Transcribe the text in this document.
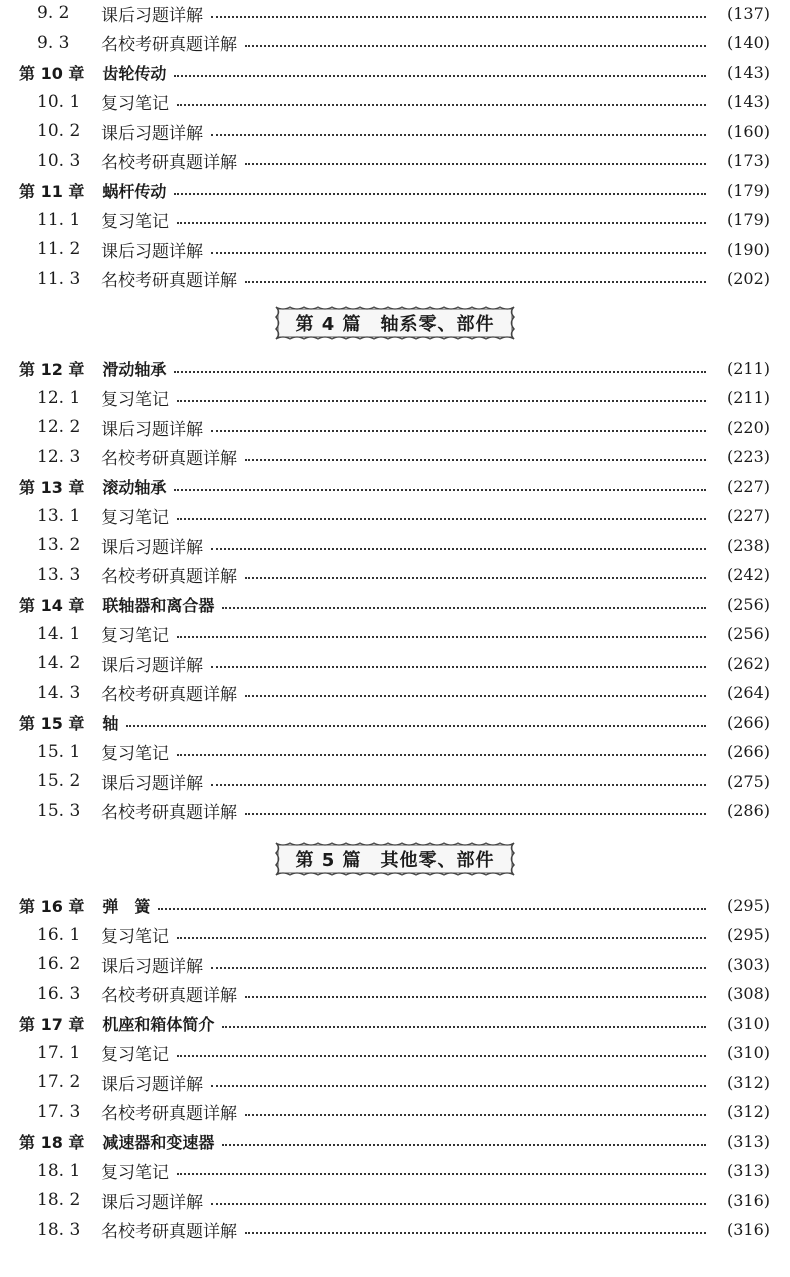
9. 2	课后习题详解	(137)
9. 3	名校考研真题详解	(140)
第 10 章	齿轮传动	(143)
10. 1	复习笔记	(143)
10. 2	课后习题详解	(160)
10. 3	名校考研真题详解	(173)
第 11 章	蜗杆传动	(179)
11. 1	复习笔记	(179)
11. 2	课后习题详解	(190)
11. 3	名校考研真题详解	(202)
第 4 篇　轴系零、部件
第 12 章	滑动轴承	(211)
12. 1	复习笔记	(211)
12. 2	课后习题详解	(220)
12. 3	名校考研真题详解	(223)
第 13 章	滚动轴承	(227)
13. 1	复习笔记	(227)
13. 2	课后习题详解	(238)
13. 3	名校考研真题详解	(242)
第 14 章	联轴器和离合器	(256)
14. 1	复习笔记	(256)
14. 2	课后习题详解	(262)
14. 3	名校考研真题详解	(264)
第 15 章	轴	(266)
15. 1	复习笔记	(266)
15. 2	课后习题详解	(275)
15. 3	名校考研真题详解	(286)
第 5 篇　其他零、部件
第 16 章	弹　簧	(295)
16. 1	复习笔记	(295)
16. 2	课后习题详解	(303)
16. 3	名校考研真题详解	(308)
第 17 章	机座和箱体简介	(310)
17. 1	复习笔记	(310)
17. 2	课后习题详解	(312)
17. 3	名校考研真题详解	(312)
第 18 章	减速器和变速器	(313)
18. 1	复习笔记	(313)
18. 2	课后习题详解	(316)
18. 3	名校考研真题详解	(316)
